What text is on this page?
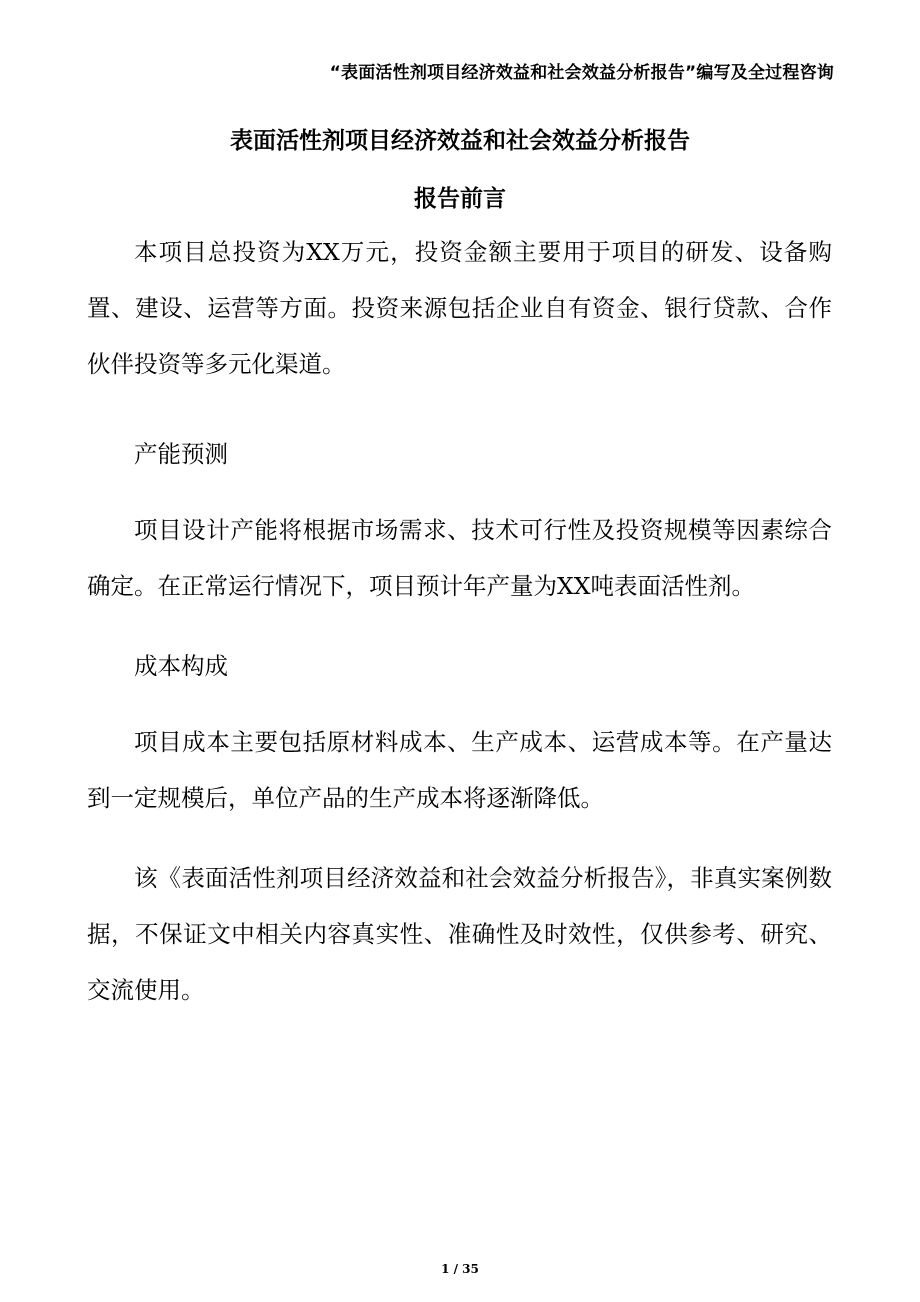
“表面活性剂项目经济效益和社会效益分析报告”编写及全过程咨询
表面活性剂项目经济效益和社会效益分析报告
报告前言

本项目总投资为XX万元，投资金额主要用于项目的研发、设备购置、建设、运营等方面。投资来源包括企业自有资金、银行贷款、合作伙伴投资等多元化渠道。

产能预测

项目设计产能将根据市场需求、技术可行性及投资规模等因素综合确定。在正常运行情况下，项目预计年产量为XX吨表面活性剂。

成本构成

项目成本主要包括原材料成本、生产成本、运营成本等。在产量达到一定规模后，单位产品的生产成本将逐渐降低。

该《表面活性剂项目经济效益和社会效益分析报告》，非真实案例数据，不保证文中相关内容真实性、准确性及时效性，仅供参考、研究、交流使用。

1 / 35
